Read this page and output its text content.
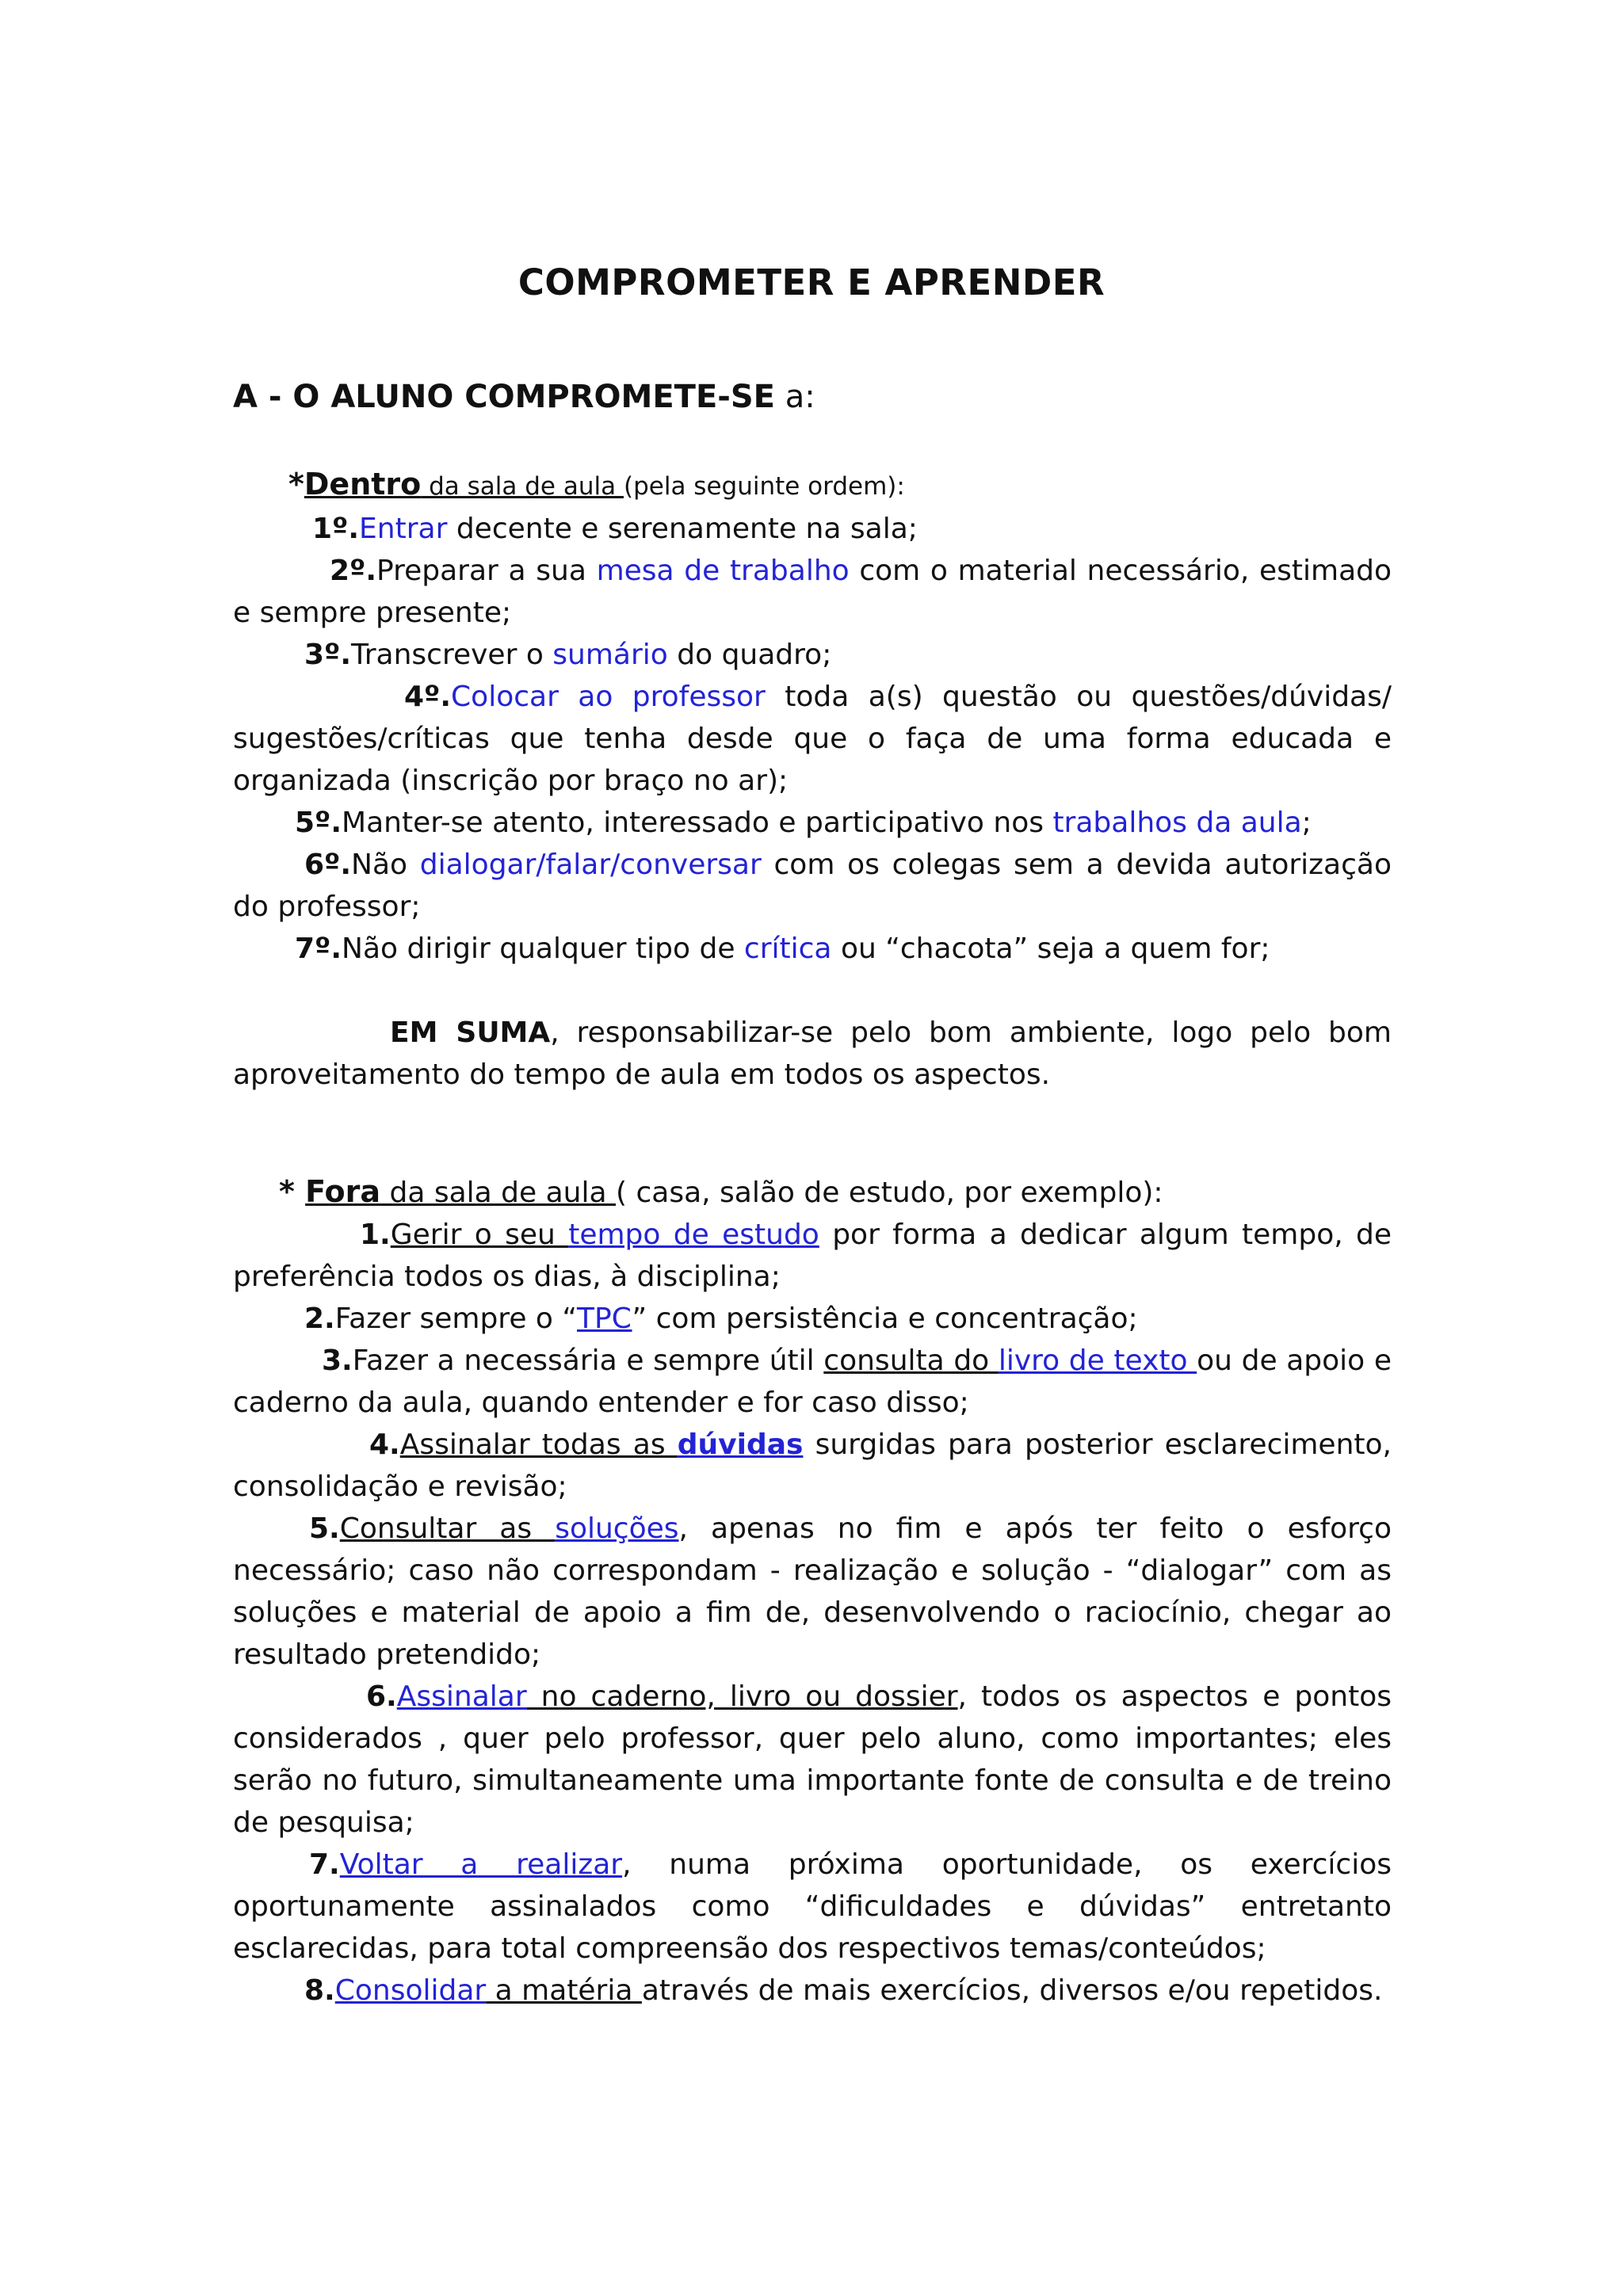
COMPROMETER E APRENDER
A - O ALUNO COMPROMETE-SE a:

*Dentro da sala de aula (pela seguinte ordem):

1º.Entrar decente e serenamente na sala;

2º.Preparar a sua mesa de trabalho com o material necessário, estimado e sempre presente;

3º.Transcrever o sumário do quadro;

4º.Colocar ao professor toda a(s) questão ou questões/dúvidas/ sugestões/críticas que tenha desde que o faça de uma forma educada e organizada (inscrição por braço no ar);

5º.Manter-se atento, interessado e participativo nos trabalhos da aula;

6º.Não dialogar/falar/conversar com os colegas sem a devida autorização do professor;

7º.Não dirigir qualquer tipo de crítica ou “chacota” seja a quem for;

EM SUMA, responsabilizar-se pelo bom ambiente, logo pelo bom aproveitamento do tempo de aula em todos os aspectos.

* Fora da sala de aula ( casa, salão de estudo, por exemplo):

1.Gerir o seu tempo de estudo por forma a dedicar algum tempo, de preferência todos os dias, à disciplina;

2.Fazer sempre o “TPC” com persistência e concentração;

3.Fazer a necessária e sempre útil consulta do livro de texto ou de apoio e caderno da aula, quando entender e for caso disso;

4.Assinalar todas as dúvidas surgidas para posterior esclarecimento, consolidação e revisão;

5.Consultar as soluções, apenas no fim e após ter feito o esforço necessário; caso não correspondam - realização e solução - “dialogar” com as soluções e material de apoio a fim de, desenvolvendo o raciocínio, chegar ao resultado pretendido;

6.Assinalar no caderno, livro ou dossier, todos os aspectos e pontos considerados , quer pelo professor, quer pelo aluno, como importantes; eles serão no futuro, simultaneamente uma importante fonte de consulta e de treino de pesquisa;

7.Voltar a realizar, numa próxima oportunidade, os exercícios oportunamente assinalados como “dificuldades e dúvidas” entretanto esclarecidas, para total compreensão dos respectivos temas/conteúdos;

8.Consolidar a matéria através de mais exercícios, diversos e/ou repetidos.
